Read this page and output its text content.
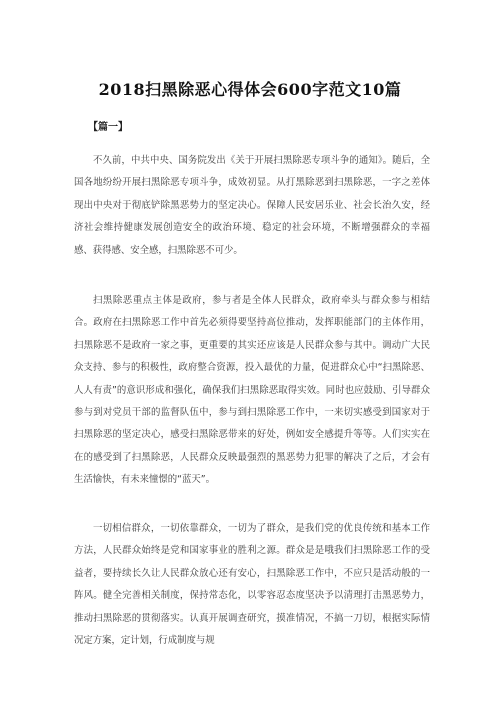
2018扫黑除恶心得体会600字范文10篇
【篇一】

不久前，中共中央、国务院发出《关于开展扫黑除恶专项斗争的通知》。随后，全国各地纷纷开展扫黑除恶专项斗争，成效初显。从打黑除恶到扫黑除恶，一字之差体现出中央对于彻底铲除黑恶势力的坚定决心。保障人民安居乐业、社会长治久安，经济社会维持健康发展创造安全的政治环境、稳定的社会环境，不断增强群众的幸福感、获得感、安全感，扫黑除恶不可少。

扫黑除恶重点主体是政府，参与者是全体人民群众，政府牵头与群众参与相结合。政府在扫黑除恶工作中首先必须得要坚持高位推动，发挥职能部门的主体作用，扫黑除恶不是政府一家之事，更重要的其实还应该是人民群众参与其中。调动广大民众支持、参与的积极性，政府整合资源，投入最优的力量，促进群众心中“扫黑除恶、人人有责”的意识形成和强化，确保我们扫黑除恶取得实效。同时也应鼓励、引导群众参与到对党员干部的监督队伍中，参与到扫黑除恶工作中，一来切实感受到国家对于扫黑除恶的坚定决心，感受扫黑除恶带来的好处，例如安全感提升等等。人们实实在在的感受到了扫黑除恶，人民群众反映最强烈的黑恶势力犯罪的解决了之后，才会有生活愉快，有未来憧憬的“蓝天”。

一切相信群众，一切依靠群众，一切为了群众，是我们党的优良传统和基本工作方法，人民群众始终是党和国家事业的胜利之源。群众是是哦我们扫黑除恶工作的受益者，要持续长久让人民群众放心还有安心，扫黑除恶工作中，不应只是活动般的一阵风。健全完善相关制度，保持常态化，以零容忍态度坚决予以清理打击黑恶势力，推动扫黑除恶的贯彻落实。认真开展调查研究，摸准情况，不搞一刀切，根据实际情况定方案，定计划，行成制度与规
